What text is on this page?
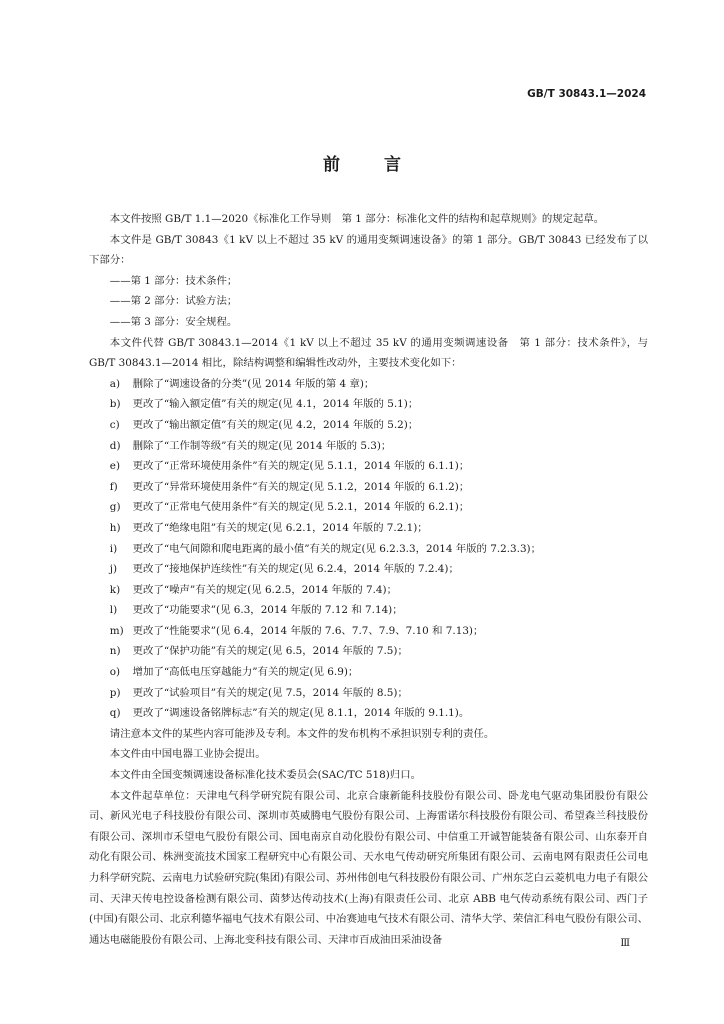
GB/T 30843.1—2024
前言

本文件按照 GB/T 1.1—2020《标准化工作导则　第 1 部分：标准化文件的结构和起草规则》的规定起草。

本文件是 GB/T 30843《1 kV 以上不超过 35 kV 的通用变频调速设备》的第 1 部分。GB/T 30843 已经发布了以下部分：

——第 1 部分：技术条件；

——第 2 部分：试验方法；

——第 3 部分：安全规程。

本文件代替 GB/T 30843.1—2014《1 kV 以上不超过 35 kV 的通用变频调速设备　第 1 部分：技术条件》，与 GB/T 30843.1—2014 相比，除结构调整和编辑性改动外，主要技术变化如下：

a)	删除了“调速设备的分类”(见 2014 年版的第 4 章)；
b)	更改了“输入额定值”有关的规定(见 4.1，2014 年版的 5.1)；
c)	更改了“输出额定值”有关的规定(见 4.2，2014 年版的 5.2)；
d)	删除了“工作制等级”有关的规定(见 2014 年版的 5.3)；
e)	更改了“正常环境使用条件”有关的规定(见 5.1.1，2014 年版的 6.1.1)；
f)	更改了“异常环境使用条件”有关的规定(见 5.1.2，2014 年版的 6.1.2)；
g)	更改了“正常电气使用条件”有关的规定(见 5.2.1，2014 年版的 6.2.1)；
h)	更改了“绝缘电阻”有关的规定(见 6.2.1，2014 年版的 7.2.1)；
i)	更改了“电气间隙和爬电距离的最小值”有关的规定(见 6.2.3.3，2014 年版的 7.2.3.3)；
j)	更改了“接地保护连续性”有关的规定(见 6.2.4，2014 年版的 7.2.4)；
k)	更改了“噪声”有关的规定(见 6.2.5，2014 年版的 7.4)；
l)	更改了“功能要求”(见 6.3，2014 年版的 7.12 和 7.14)；
m) 更改了“性能要求”(见 6.4，2014 年版的 7.6、7.7、7.9、7.10 和 7.13)；
n)	更改了“保护功能”有关的规定(见 6.5，2014 年版的 7.5)；
o)	增加了“高低电压穿越能力”有关的规定(见 6.9)；
p)	更改了“试验项目”有关的规定(见 7.5，2014 年版的 8.5)；
q)	更改了“调速设备铭牌标志”有关的规定(见 8.1.1，2014 年版的 9.1.1)。

请注意本文件的某些内容可能涉及专利。本文件的发布机构不承担识别专利的责任。

本文件由中国电器工业协会提出。

本文件由全国变频调速设备标准化技术委员会(SAC/TC 518)归口。

本文件起草单位：天津电气科学研究院有限公司、北京合康新能科技股份有限公司、卧龙电气驱动集团股份有限公司、新风光电子科技股份有限公司、深圳市英威腾电气股份有限公司、上海雷诺尔科技股份有限公司、希望森兰科技股份有限公司、深圳市禾望电气股份有限公司、国电南京自动化股份有限公司、中信重工开诚智能装备有限公司、山东泰开自动化有限公司、株洲变流技术国家工程研究中心有限公司、天水电气传动研究所集团有限公司、云南电网有限责任公司电力科学研究院、云南电力试验研究院(集团)有限公司、苏州伟创电气科技股份有限公司、广州东芝白云菱机电力电子有限公司、天津天传电控设备检测有限公司、茵梦达传动技术(上海)有限责任公司、北京 ABB 电气传动系统有限公司、西门子(中国)有限公司、北京利德华福电气技术有限公司、中冶赛迪电气技术有限公司、清华大学、荣信汇科电气股份有限公司、通达电磁能股份有限公司、上海北变科技有限公司、天津市百成油田采油设备	Ⅲ
